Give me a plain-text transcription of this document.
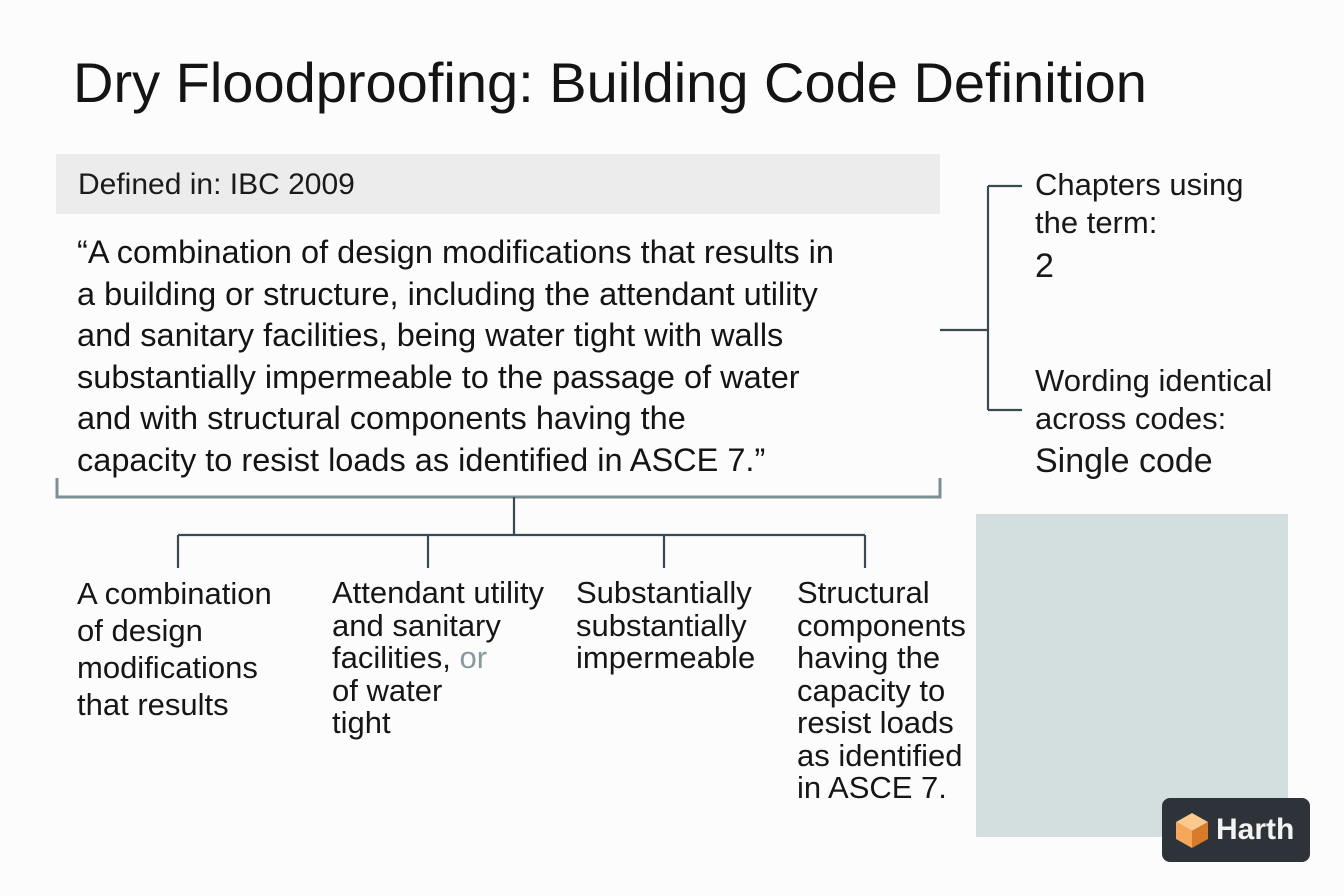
Dry Floodproofing: Building Code Definition
Defined in: IBC 2009
“A combination of design modifications that results in
a building or structure, including the attendant utility
and sanitary facilities, being water tight with walls
substantially impermeable to the passage of water
and with structural components having the
capacity to resist loads as identified in ASCE 7.”
Chapters using
the term:
2
Wording identical
across codes:
Single code
A combination
of design
modifications
that results
Attendant utility
and sanitary
facilities, or
of water
tight
Substantially
substantially
impermeable
Structural
components
having the
capacity to
resist loads
as identified
in ASCE 7.
Harth
